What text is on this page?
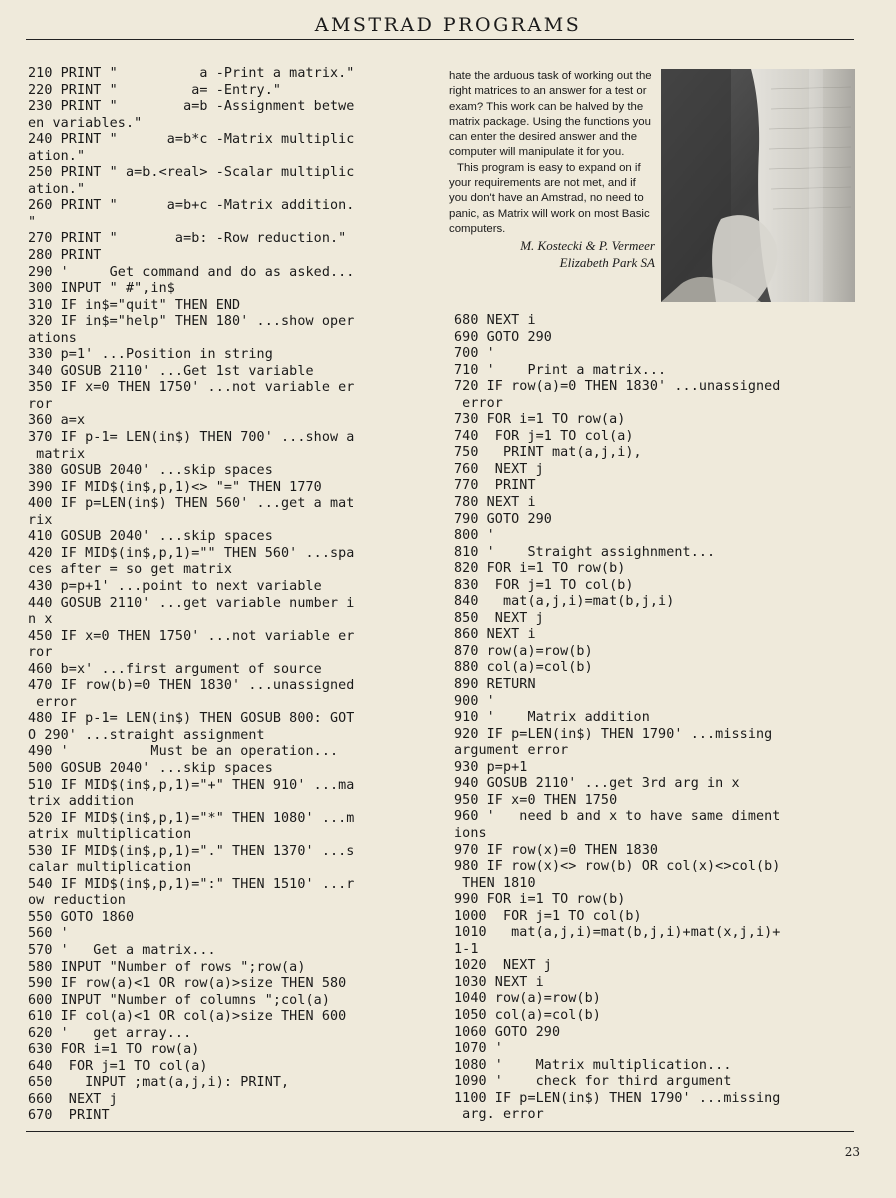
AMSTRAD PROGRAMS
210 PRINT "          a -Print a matrix."
220 PRINT "         a= -Entry."
230 PRINT "        a=b -Assignment betwe
en variables."
240 PRINT "      a=b*c -Matrix multiplic
ation."
250 PRINT " a=b.<real> -Scalar multiplic
ation."
260 PRINT "      a=b+c -Matrix addition.
"
270 PRINT "       a=b: -Row reduction."
280 PRINT
290 '     Get command and do as asked...
300 INPUT " #",in$
310 IF in$="quit" THEN END
320 IF in$="help" THEN 180' ...show oper
ations
330 p=1' ...Position in string
340 GOSUB 2110' ...Get 1st variable
350 IF x=0 THEN 1750' ...not variable er
ror
360 a=x
370 IF p-1= LEN(in$) THEN 700' ...show a
matrix
380 GOSUB 2040' ...skip spaces
390 IF MID$(in$,p,1)<> "=" THEN 1770
400 IF p=LEN(in$) THEN 560' ...get a mat
rix
410 GOSUB 2040' ...skip spaces
420 IF MID$(in$,p,1)="" THEN 560' ...spa
ces after = so get matrix
430 p=p+1' ...point to next variable
440 GOSUB 2110' ...get variable number i
n x
450 IF x=0 THEN 1750' ...not variable er
ror
460 b=x' ...first argument of source
470 IF row(b)=0 THEN 1830' ...unassigned
error
480 IF p-1= LEN(in$) THEN GOSUB 800: GOT
O 290' ...straight assignment
490 '          Must be an operation...
500 GOSUB 2040' ...skip spaces
510 IF MID$(in$,p,1)="+" THEN 910' ...ma
trix addition
520 IF MID$(in$,p,1)="*" THEN 1080' ...m
atrix multiplication
530 IF MID$(in$,p,1)="." THEN 1370' ...s
calar multiplication
540 IF MID$(in$,p,1)=":" THEN 1510' ...r
ow reduction
550 GOTO 1860
560 '
570 '   Get a matrix...
580 INPUT "Number of rows ";row(a)
590 IF row(a)<1 OR row(a)>size THEN 580
600 INPUT "Number of columns ";col(a)
610 IF col(a)<1 OR col(a)>size THEN 600
620 '   get array...
630 FOR i=1 TO row(a)
640  FOR j=1 TO col(a)
650    INPUT ;mat(a,j,i): PRINT,
660  NEXT j
670  PRINT

hate the arduous task of working out the right matrices to an answer for a test or exam? This work can be halved by the matrix package. Using the functions you can enter the desired answer and the computer will manipulate it for you.

This program is easy to expand on if your requirements are not met, and if you don't have an Amstrad, no need to panic, as Matrix will work on most Basic computers.

M. Kostecki & P. Vermeer
Elizabeth Park SA
680 NEXT i
690 GOTO 290
700 '
710 '    Print a matrix...
720 IF row(a)=0 THEN 1830' ...unassigned
error
730 FOR i=1 TO row(a)
740  FOR j=1 TO col(a)
750   PRINT mat(a,j,i),
760  NEXT j
770  PRINT
780 NEXT i
790 GOTO 290
800 '
810 '    Straight assighnment...
820 FOR i=1 TO row(b)
830  FOR j=1 TO col(b)
840   mat(a,j,i)=mat(b,j,i)
850  NEXT j
860 NEXT i
870 row(a)=row(b)
880 col(a)=col(b)
890 RETURN
900 '
910 '    Matrix addition
920 IF p=LEN(in$) THEN 1790' ...missing
argument error
930 p=p+1
940 GOSUB 2110' ...get 3rd arg in x
950 IF x=0 THEN 1750
960 '   need b and x to have same diment
ions
970 IF row(x)=0 THEN 1830
980 IF row(x)<> row(b) OR col(x)<>col(b)
THEN 1810
990 FOR i=1 TO row(b)
1000  FOR j=1 TO col(b)
1010   mat(a,j,i)=mat(b,j,i)+mat(x,j,i)+
1-1
1020  NEXT j
1030 NEXT i
1040 row(a)=row(b)
1050 col(a)=col(b)
1060 GOTO 290
1070 '
1080 '    Matrix multiplication...
1090 '    check for third argument
1100 IF p=LEN(in$) THEN 1790' ...missing
arg. error
23
